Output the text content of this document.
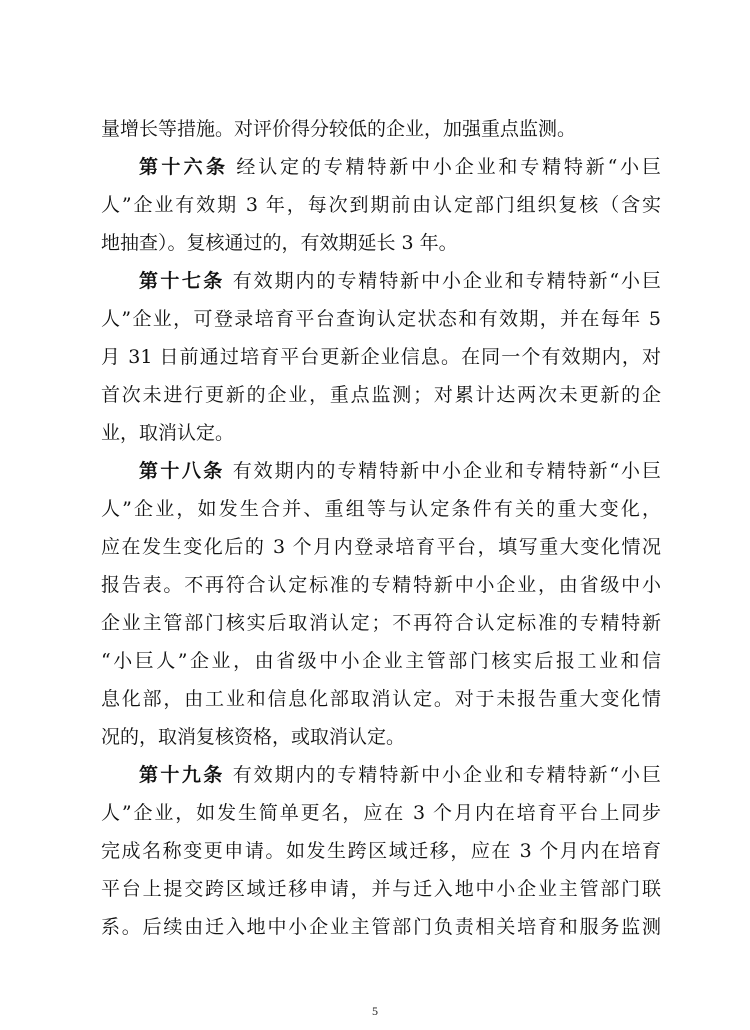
量增长等措施。对评价得分较低的企业，加强重点监测。
第十六条 经认定的专精特新中小企业和专精特新“小巨
人”企业有效期 3 年，每次到期前由认定部门组织复核（含实
地抽查）。复核通过的，有效期延长 3 年。
第十七条 有效期内的专精特新中小企业和专精特新“小巨
人”企业，可登录培育平台查询认定状态和有效期，并在每年 5
月 31 日前通过培育平台更新企业信息。在同一个有效期内，对
首次未进行更新的企业，重点监测；对累计达两次未更新的企
业，取消认定。
第十八条 有效期内的专精特新中小企业和专精特新“小巨
人”企业，如发生合并、重组等与认定条件有关的重大变化，
应在发生变化后的 3 个月内登录培育平台，填写重大变化情况
报告表。不再符合认定标准的专精特新中小企业，由省级中小
企业主管部门核实后取消认定；不再符合认定标准的专精特新
“小巨人”企业，由省级中小企业主管部门核实后报工业和信
息化部，由工业和信息化部取消认定。对于未报告重大变化情
况的，取消复核资格，或取消认定。
第十九条 有效期内的专精特新中小企业和专精特新“小巨
人”企业，如发生简单更名，应在 3 个月内在培育平台上同步
完成名称变更申请。如发生跨区域迁移，应在 3 个月内在培育
平台上提交跨区域迁移申请，并与迁入地中小企业主管部门联
系。后续由迁入地中小企业主管部门负责相关培育和服务监测
5
